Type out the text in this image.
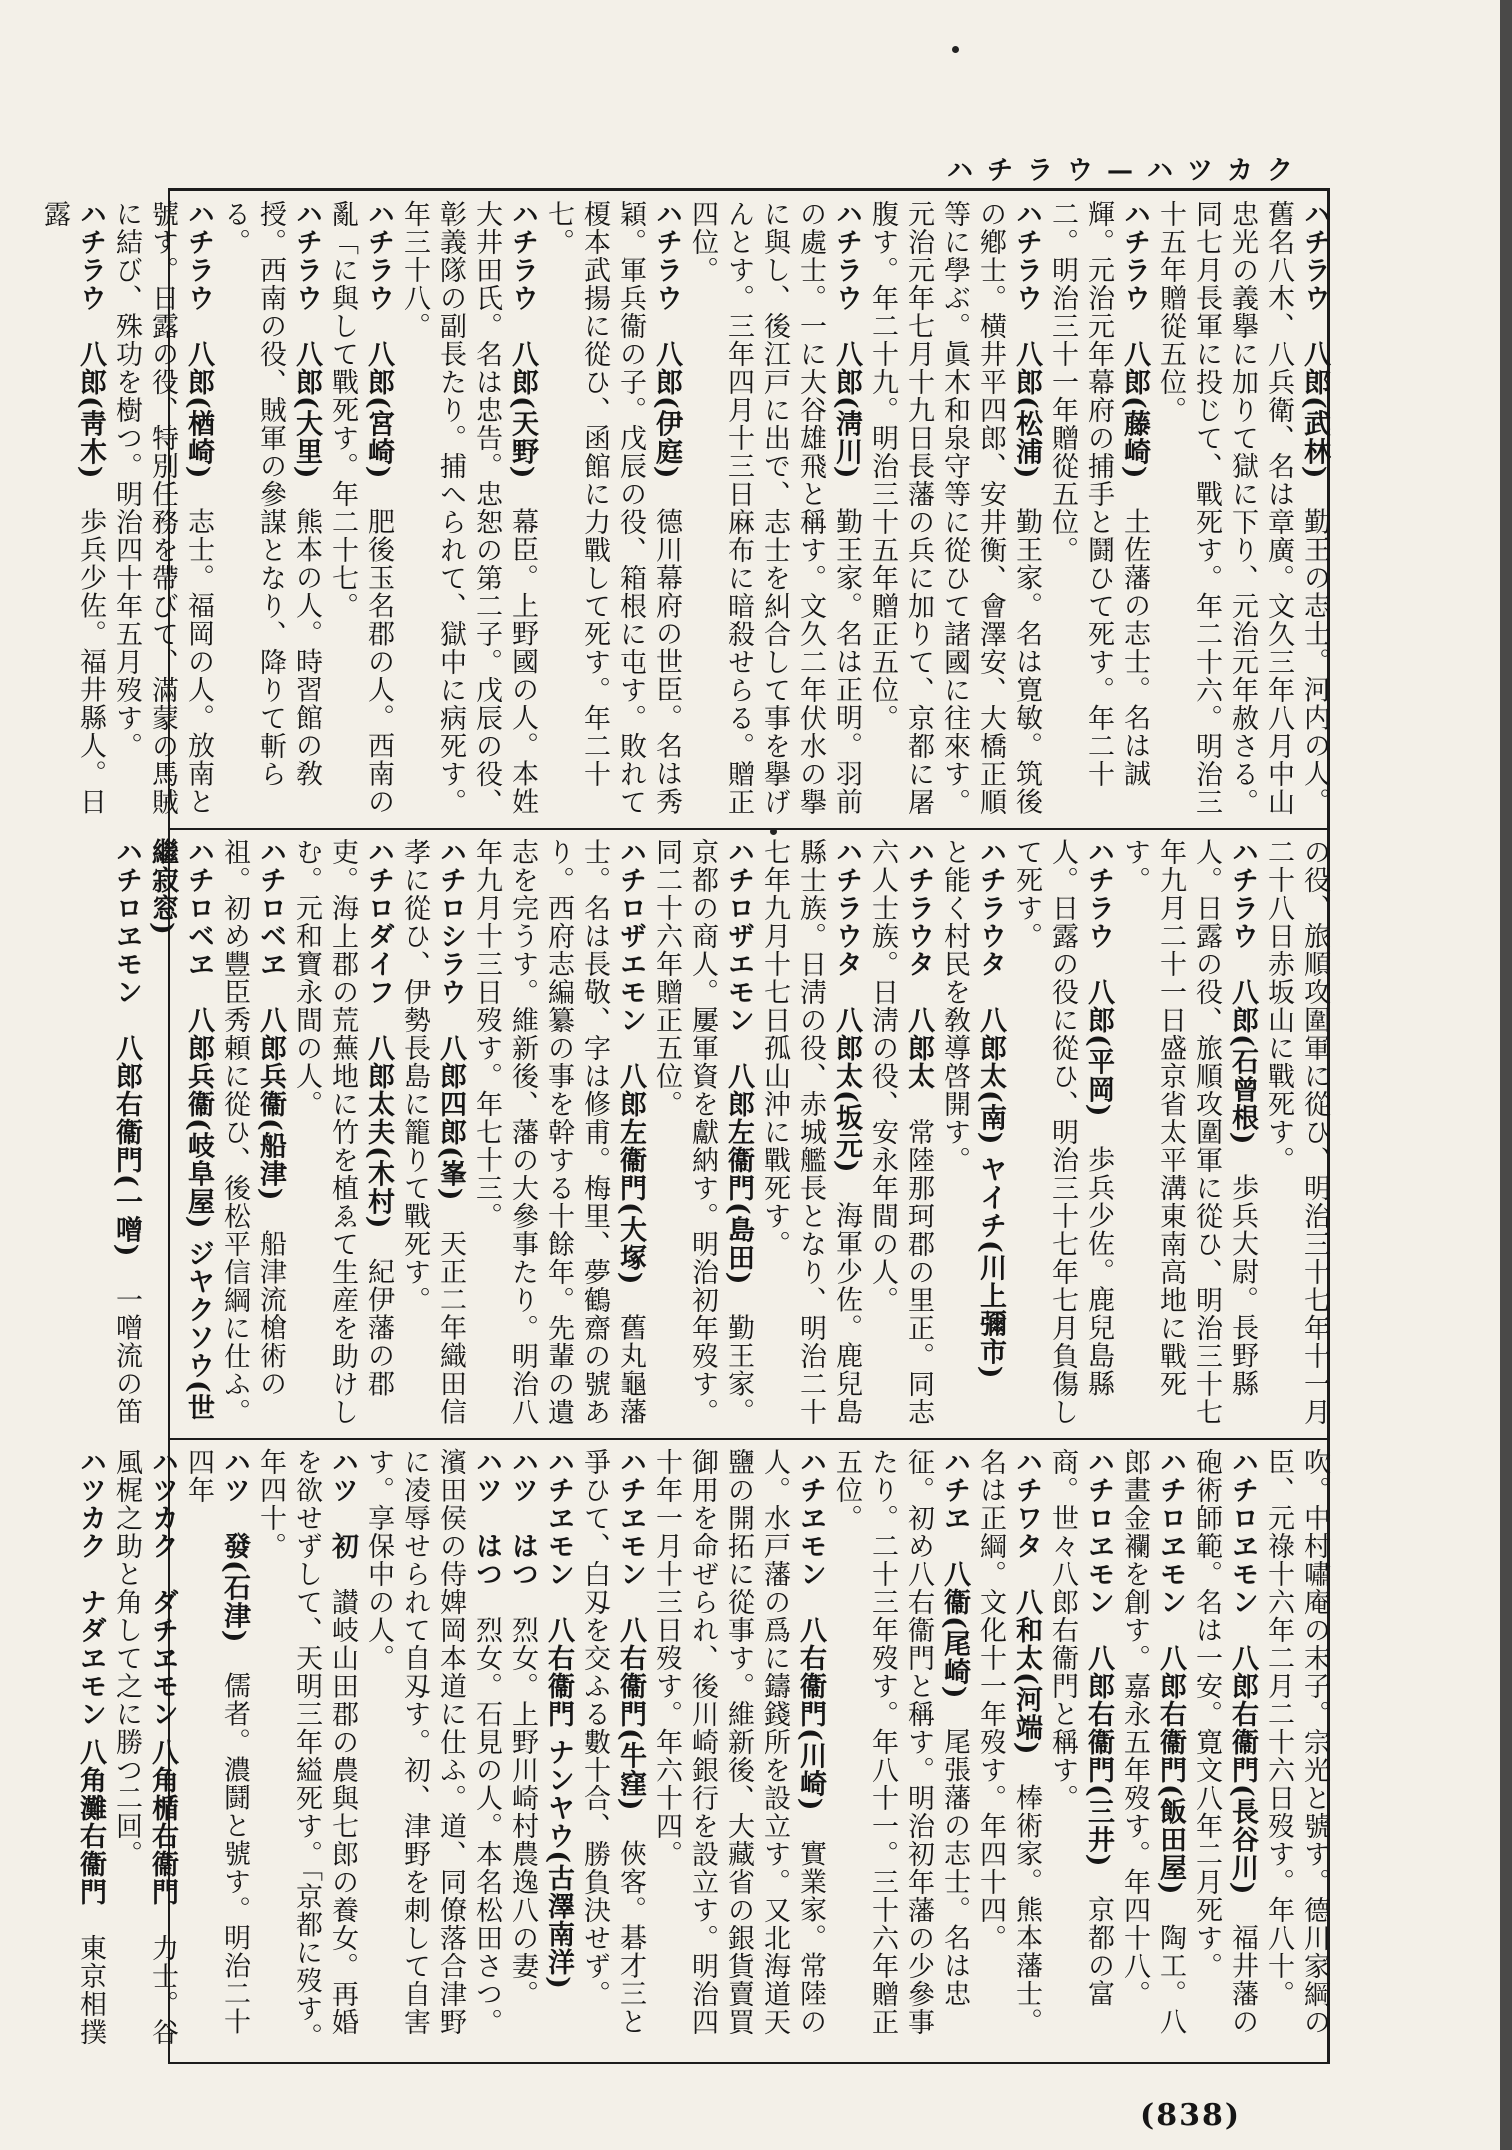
ハチラウ—ハツカク

ハチラウ　八郎(武林)　勤王の志士。河内の人。舊名八木、八兵衛、名は章廣。文久三年八月中山忠光の義擧に加りて獄に下り、元治元年赦さる。同七月長軍に投じて、戰死す。年二十六。明治三十五年贈從五位。

ハチラウ　八郎(藤崎)　土佐藩の志士。名は誠輝。元治元年幕府の捕手と鬪ひて死す。年二十二。明治三十一年贈從五位。

ハチラウ　八郎(松浦)　勤王家。名は寛敏。筑後の鄕士。横井平四郎、安井衡、會澤安、大橋正順等に學ぶ。眞木和泉守等に從ひて諸國に往來す。元治元年七月十九日長藩の兵に加りて、京都に屠腹す。年二十九。明治三十五年贈正五位。

ハチラウ　八郎(淸川)　勤王家。名は正明。羽前の處士。一に大谷雄飛と稱す。文久二年伏水の擧に與し、後江戸に出で、志士を糾合して事を擧げんとす。三年四月十三日麻布に暗殺せらる。贈正四位。

ハチラウ　八郎(伊庭)　德川幕府の世臣。名は秀穎。軍兵衞の子。戊辰の役、箱根に屯す。敗れて榎本武揚に從ひ、函館に力戰して死す。年二十七。

ハチラウ　八郎(天野)　幕臣。上野國の人。本姓大井田氏。名は忠告。忠恕の第二子。戊辰の役、彰義隊の副長たり。捕へられて、獄中に病死す。年三十八。

ハチラウ　八郎(宮崎)　肥後玉名郡の人。西南の亂「に與して戰死す。年二十七。

ハチラウ　八郎(大里)　熊本の人。時習館の敎授。西南の役、賊軍の參謀となり、降りて斬らる。

ハチラウ　八郎(楢崎)　志士。福岡の人。放南と號す。日露の役、特別任務を帶びて、滿蒙の馬賊に結び、殊功を樹つ。明治四十年五月歿す。

ハチラウ　八郎(靑木)　歩兵少佐。福井縣人。日露

の役、旅順攻圍軍に從ひ、明治三十七年十一月二十八日赤坂山に戰死す。

ハチラウ　八郎(石曾根)　歩兵大尉。長野縣人。日露の役、旅順攻圍軍に從ひ、明治三十七年九月二十一日盛京省太平溝東南高地に戰死す。

ハチラウ　八郎(平岡)　歩兵少佐。鹿兒島縣人。日露の役に從ひ、明治三十七年七月負傷して死す。

ハチラウタ　八郎太(南) ヤイチ(川上彌市)　と能く村民を敎導啓開す。

ハチラウタ　八郎太　常陸那珂郡の里正。同志六人士族。日淸の役、安永年間の人。

ハチラウタ　八郎太(坂元)　海軍少佐。鹿兒島縣士族。日淸の役、赤城艦長となり、明治二十七年九月十七日孤山沖に戰死す。

ハチロザエモン　八郎左衞門(島田)　勤王家。京都の商人。屢軍資を獻納す。明治初年歿す。同二十六年贈正五位。

ハチロザエモン　八郎左衞門(大塚)　舊丸龜藩士。名は長敬、字は修甫。梅里、夢鶴齋の號あり。西府志編纂の事を幹する十餘年。先輩の遺志を完うす。維新後、藩の大參事たり。明治八年九月十三日歿す。年七十三。

ハチロシラウ　八郎四郎(峯)　天正二年織田信孝に從ひ、伊勢長島に籠りて戰死す。

ハチロダイフ　八郎太夫(木村)　紀伊藩の郡吏。海上郡の荒蕪地に竹を植ゑて生産を助けしむ。元和寶永間の人。

ハチロベヱ　八郎兵衞(船津)　船津流槍術の祖。初め豐臣秀頼に從ひ、後松平信綱に仕ふ。

ハチロベヱ　八郎兵衞(岐阜屋) ジヤクソウ(世繼寂窓)　

ハチロヱモン　八郎右衞門(一噌)　一噌流の笛

吹。中村嘯庵の末子。宗光と號す。德川家綱の臣、元祿十六年二月二十六日歿す。年八十。

ハチロヱモン　八郎右衞門(長谷川)　福井藩の砲術師範。名は一安。寛文八年二月死す。

ハチロヱモン　八郎右衞門(飯田屋)　陶工。八郎畫金襴を創す。嘉永五年歿す。年四十八。

ハチロヱモン　八郎右衞門(三井)　京都の富商。世々八郎右衞門と稱す。

ハチワタ　八和太(河端)　棒術家。熊本藩士。名は正綱。文化十一年歿す。年四十四。

ハチヱ　八衞(尾崎)　尾張藩の志士。名は忠征。初め八右衞門と稱す。明治初年藩の少參事たり。二十三年歿す。年八十一。三十六年贈正五位。

ハチヱモン　八右衞門(川崎)　實業家。常陸の人。水戸藩の爲に鑄錢所を設立す。又北海道天鹽の開拓に從事す。維新後、大藏省の銀貨賣買御用を命ぜられ、後川崎銀行を設立す。明治四十年一月十三日歿す。年六十四。

ハチヱモン　八右衞門(牛窪)　俠客。碁才三と爭ひて、白刄を交ふる數十合、勝負決せず。

ハチヱモン　八右衞門 ナンヤウ(古澤南洋)　

ハツ　はつ　烈女。上野川崎村農逸八の妻。

ハツ　はつ　烈女。石見の人。本名松田さつ。濱田侯の侍婢岡本道に仕ふ。道、同僚落合津野に凌辱せられて自刄す。初、津野を刺して自害す。享保中の人。

ハツ　初　讃岐山田郡の農與七郎の養女。再婚を欲せずして、天明三年縊死す。「京都に歿す。年四十。

ハツ　發(石津)　儒者。濃鬪と號す。明治二十四年

ハツカク　ダチヱモン 八角楯右衞門　力士。谷風梶之助と角して之に勝つ二回。

ハツカク　ナダヱモン 八角灘右衞門　東京相撲

(838)
